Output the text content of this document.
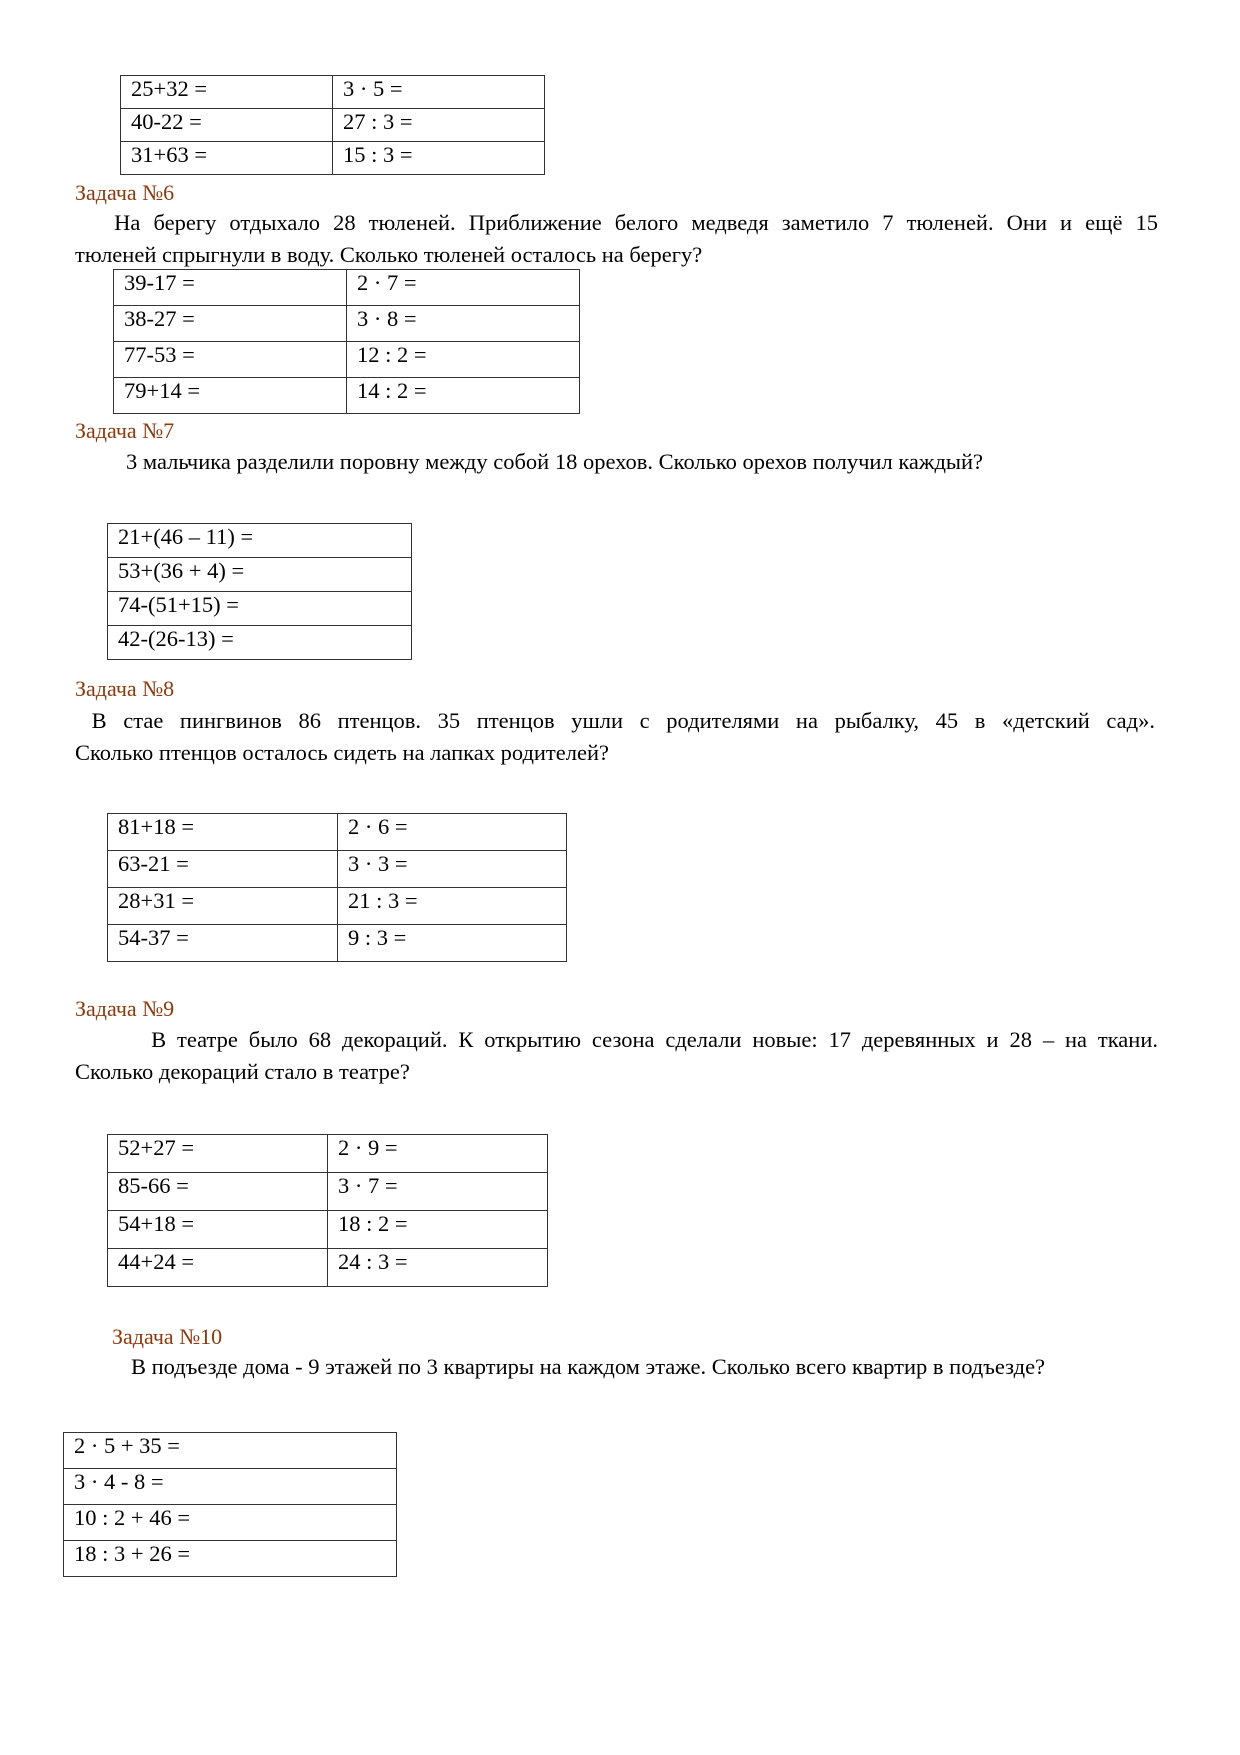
25+32 =	3 · 5 =
40-22 =	27 : 3 =
31+63 =	15 : 3 =
Задача №6
На берегу отдыхало 28 тюленей. Приближение белого медведя заметило 7 тюленей. Они и ещё 15
тюленей спрыгнули в воду. Сколько тюленей осталось на берегу?
39-17 =	2 · 7 =
38-27 =	3 · 8 =
77-53 =	12 : 2 =
79+14 =	14 : 2 =
Задача №7
3 мальчика разделили поровну между собой 18 орехов. Сколько орехов получил каждый?
21+(46 – 11) =
53+(36 + 4) =
74-(51+15) =
42-(26-13) =
Задача №8
В стае пингвинов 86 птенцов. 35 птенцов ушли с родителями на рыбалку, 45 в «детский сад».
Сколько птенцов осталось сидеть на лапках родителей?
81+18 =	2 · 6 =
63-21 =	3 · 3 =
28+31 =	21 : 3 =
54-37 =	9 : 3 =
Задача №9
В театре было 68 декораций. К открытию сезона сделали новые: 17 деревянных и 28 – на ткани.
Сколько декораций стало в театре?
52+27 =	2 · 9 =
85-66 =	3 · 7 =
54+18 =	18 : 2 =
44+24 =	24 : 3 =
Задача №10
В подъезде дома - 9 этажей по 3 квартиры на каждом этаже. Сколько всего квартир в подъезде?
2 · 5 + 35 =
3 · 4 - 8 =
10 : 2 + 46 =
18 : 3 + 26 =
